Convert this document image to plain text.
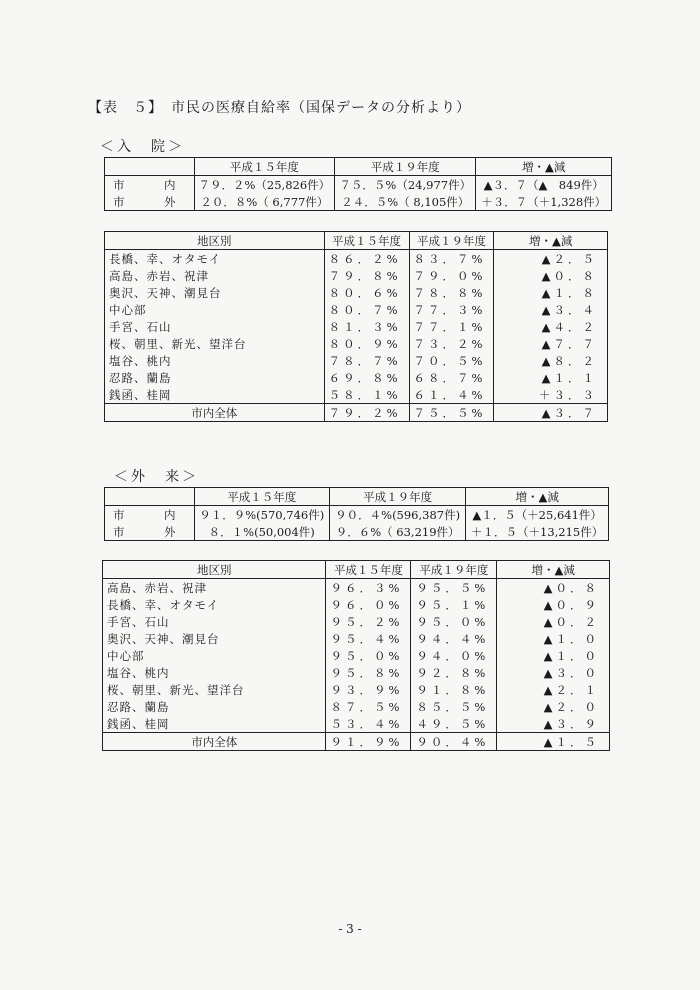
【表　５】　市民の医療自給率（国保データの分析より）
＜入　院＞
	平成１５年度	平成１９年度	増・▲減
市　内	７９．２%（25,826件）	７５．５%（24,977件）	▲３．７（▲　849件）
市　外	２０．８%（ 6,777件）	２４．５%（ 8,105件）	＋３．７（＋1,328件）
地区別	平成１５年度	平成１９年度	増・▲減
長橋、幸、オタモイ	８６．２%	８３．７%	▲２．５
高島、赤岩、祝津	７９．８%	７９．０%	▲０．８
奥沢、天神、潮見台	８０．６%	７８．８%	▲１．８
中心部	８０．７%	７７．３%	▲３．４
手宮、石山	８１．３%	７７．１%	▲４．２
桜、朝里、新光、望洋台	８０．９%	７３．２%	▲７．７
塩谷、桃内	７８．７%	７０．５%	▲８．２
忍路、蘭島	６９．８%	６８．７%	▲１．１
銭函、桂岡	５８．１%	６１．４%	＋３．３
市内全体	７９．２%	７５．５%	▲３．７
＜外　来＞
	平成１５年度	平成１９年度	増・▲減
市　内	９１．９%(570,746件)	９０．４%(596,387件)	▲１．５（＋25,641件）
市　外	８．１%(50,004件)	９．６%（ 63,219件）	＋１．５（＋13,215件）
地区別	平成１５年度	平成１９年度	増・▲減
高島、赤岩、祝津	９６．３%	９５．５%	▲０．８
長橋、幸、オタモイ	９６．０%	９５．１%	▲０．９
手宮、石山	９５．２%	９５．０%	▲０．２
奥沢、天神、潮見台	９５．４%	９４．４%	▲１．０
中心部	９５．０%	９４．０%	▲１．０
塩谷、桃内	９５．８%	９２．８%	▲３．０
桜、朝里、新光、望洋台	９３．９%	９１．８%	▲２．１
忍路、蘭島	８７．５%	８５．５%	▲２．０
銭函、桂岡	５３．４%	４９．５%	▲３．９
市内全体	９１．９%	９０．４%	▲１．５
- 3 -
